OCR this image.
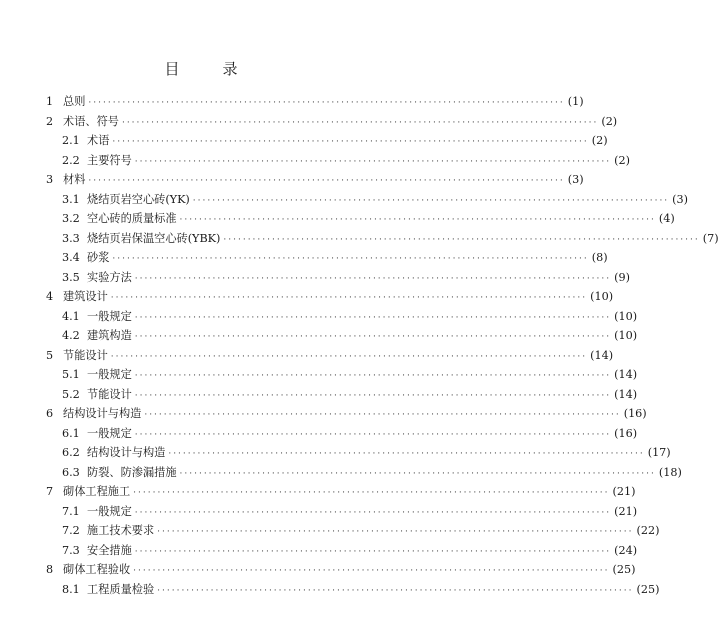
目　录
1 总则 ·································································································· (1)
2 术语、符号 ·································································································· (2)
2.1 术语 ·································································································· (2)
2.2 主要符号 ·································································································· (2)
3 材料 ·································································································· (3)
3.1 烧结页岩空心砖(YK) ·································································································· (3)
3.2 空心砖的质量标准 ·································································································· (4)
3.3 烧结页岩保温空心砖(YBK) ·································································································· (7)
3.4 砂浆 ·································································································· (8)
3.5 实验方法 ·································································································· (9)
4 建筑设计 ·································································································· (10)
4.1 一般规定 ·································································································· (10)
4.2 建筑构造 ·································································································· (10)
5 节能设计 ·································································································· (14)
5.1 一般规定 ·································································································· (14)
5.2 节能设计 ·································································································· (14)
6 结构设计与构造 ·································································································· (16)
6.1 一般规定 ·································································································· (16)
6.2 结构设计与构造 ·································································································· (17)
6.3 防裂、防渗漏措施 ·································································································· (18)
7 砌体工程施工 ·································································································· (21)
7.1 一般规定 ·································································································· (21)
7.2 施工技术要求 ·································································································· (22)
7.3 安全措施 ·································································································· (24)
8 砌体工程验收 ·································································································· (25)
8.1 工程质量检验 ·································································································· (25)
